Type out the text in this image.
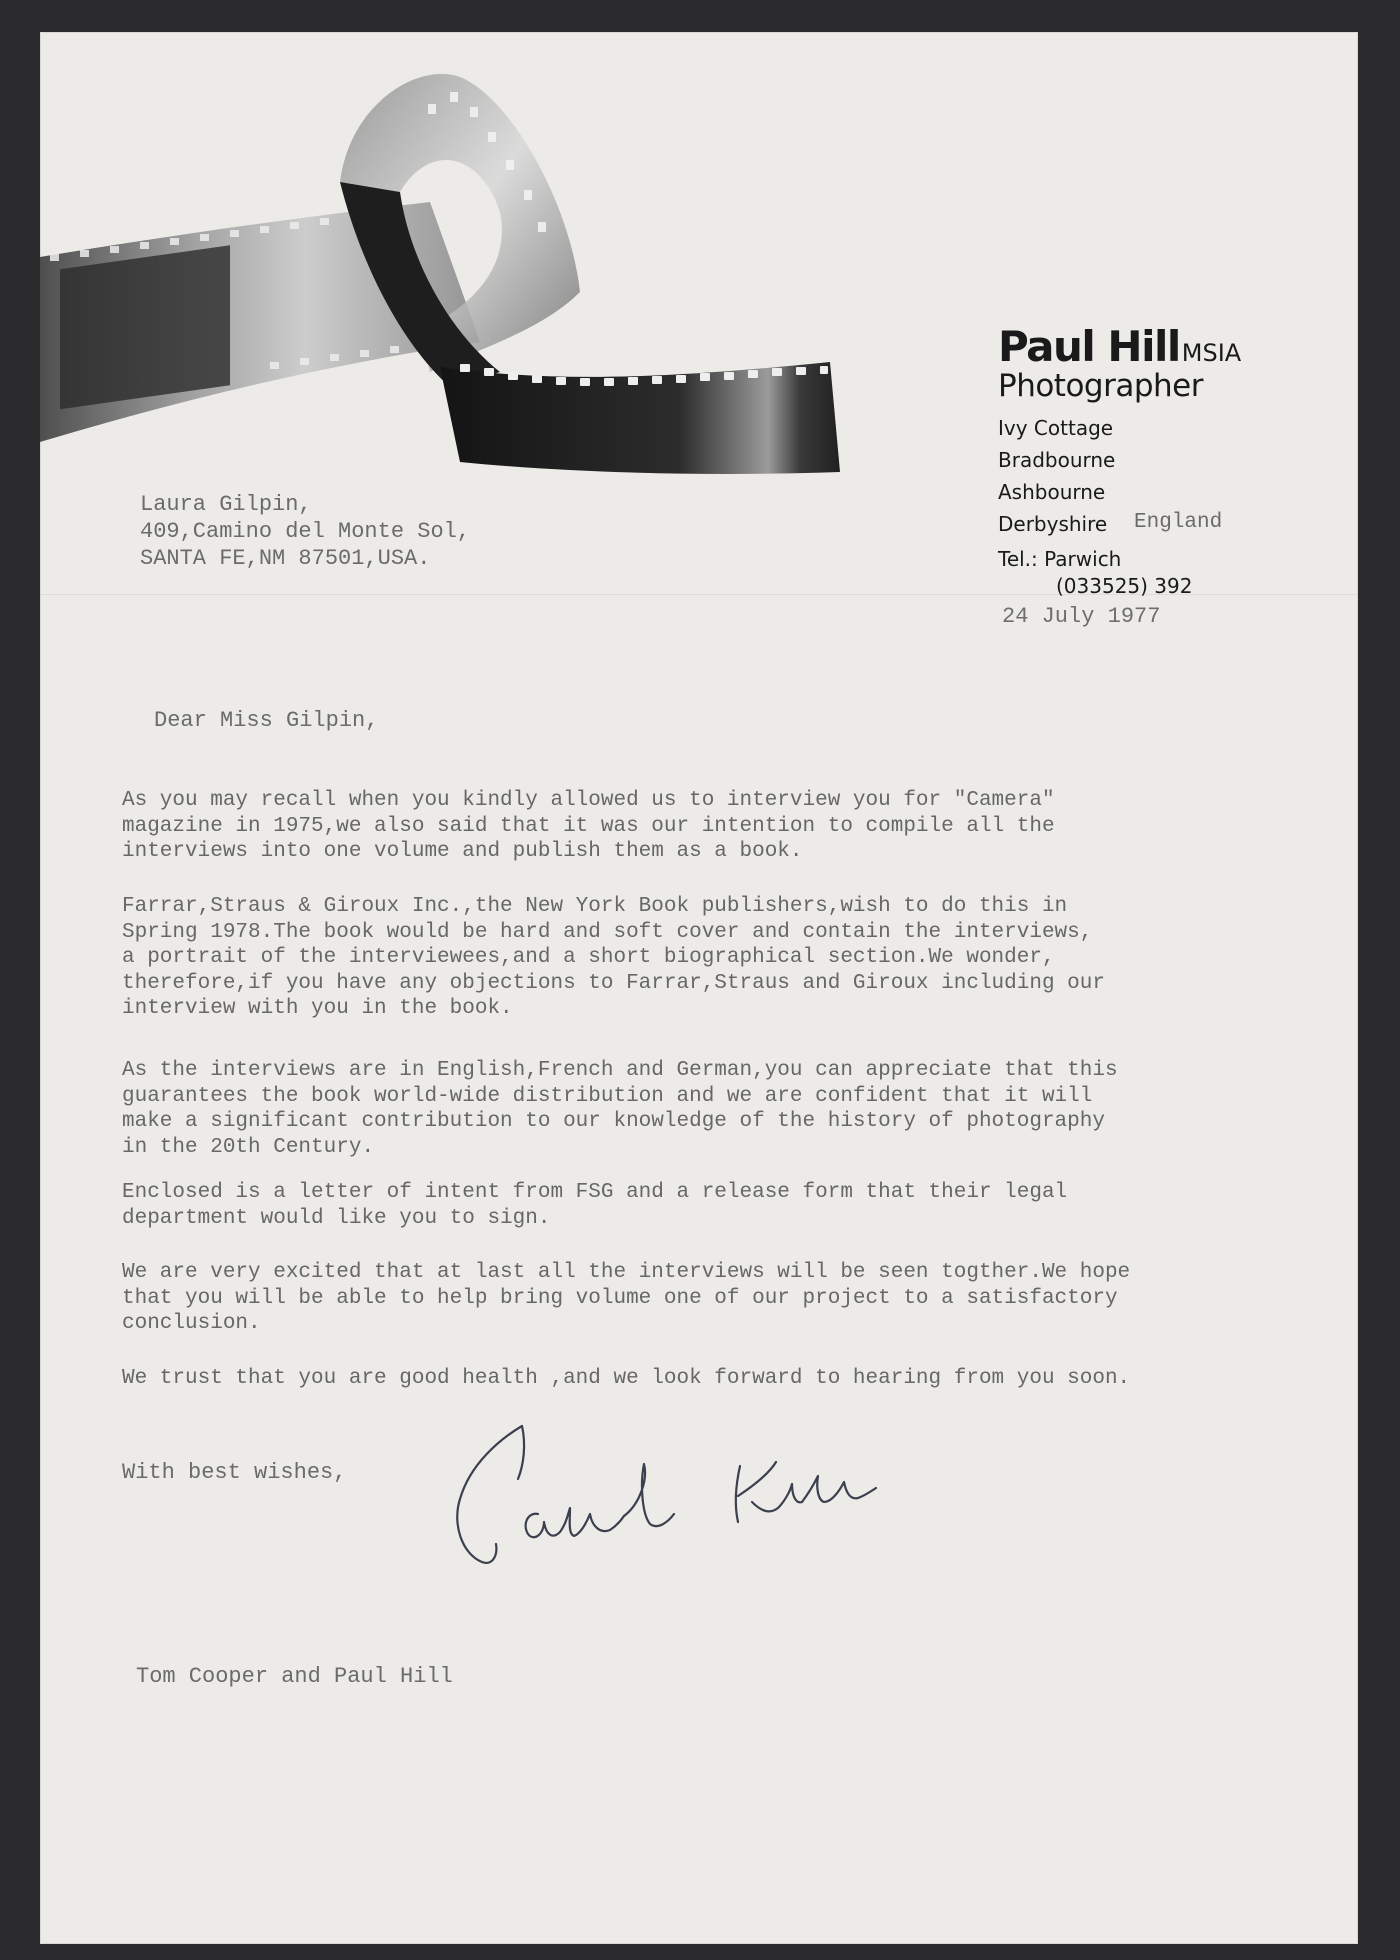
Paul HillMSIA
Photographer
Ivy Cottage
Bradbourne
Ashbourne
Derbyshire England
Tel.: Parwich
(033525) 392
24 July 1977
Laura Gilpin,
409,Camino del Monte Sol,
SANTA FE,NM 87501,USA.
Dear Miss Gilpin,
As you may recall when you kindly allowed us to interview you for "Camera"
magazine in 1975,we also said that it was our intention to compile all the
interviews into one volume and publish them as a book.
Farrar,Straus & Giroux Inc.,the New York Book publishers,wish to do this in
Spring 1978.The book would be hard and soft cover and contain the interviews,
a portrait of the interviewees,and a short biographical section.We wonder,
therefore,if you have any objections to Farrar,Straus and Giroux including our
interview with you in the book.
As the interviews are in English,French and German,you can appreciate that this
guarantees the book world-wide distribution and we are confident that it will
make a significant contribution to our knowledge of the history of photography
in the 20th Century.
Enclosed is a letter of intent from FSG and a release form that their legal
department would like you to sign.
We are very excited that at last all the interviews will be seen togther.We hope
that you will be able to help bring volume one of our project to a satisfactory
conclusion.
We trust that you are good health ,and we look forward to hearing from you soon.
With best wishes,
Tom Cooper and Paul Hill
